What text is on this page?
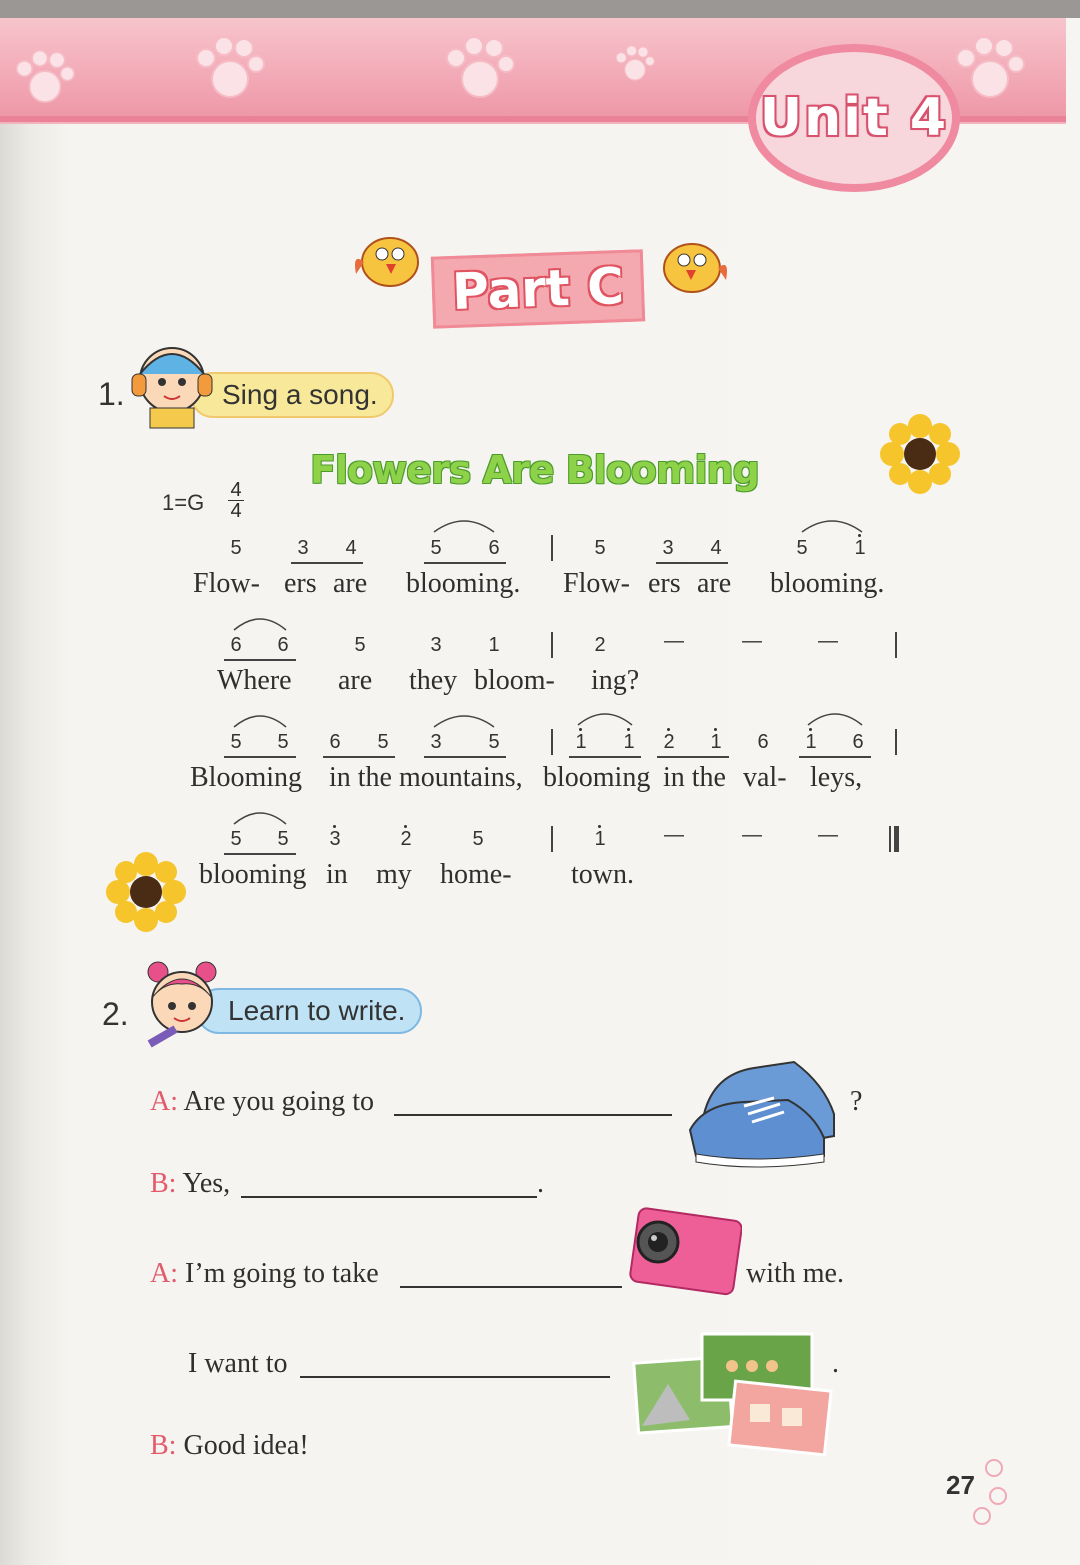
Unit 4
Part C
1.	Sing a song.
Flowers Are Blooming
1=G 4
4
5	3	4	5	6	5	3	4	5	1
Flow- ers are blooming. Flow- ers are blooming.
6	6	5	3	1	2	—	—	—
Where are they bloom- ing?
5	5	6	5	3	5	1	1	2	1	6	1	6
Blooming in the mountains, blooming in the val- leys,
5	5	3	2	5	1	—	—	—
blooming in my home- town.
2.	Learn to write.
A: Are you going to	?
B: Yes,	.
A: I’m going to take	with me.
I want to	.
B: Good idea!
27
